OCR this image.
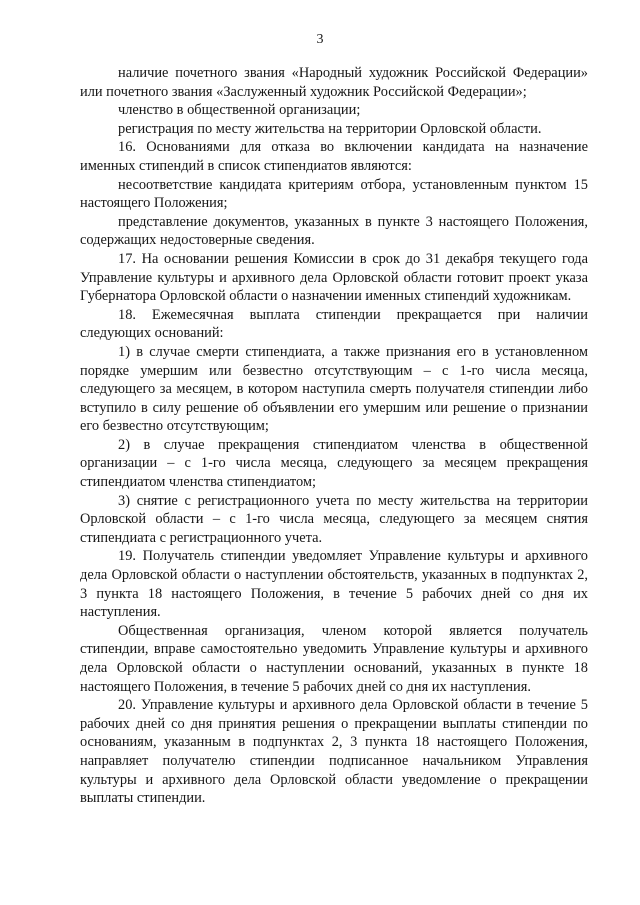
3

наличие почетного звания «Народный художник Российской Федерации» или почетного звания «Заслуженный художник Российской Федерации»;

членство в общественной организации;

регистрация по месту жительства на территории Орловской области.

16. Основаниями для отказа во включении кандидата на назначение именных стипендий в список стипендиатов являются:

несоответствие кандидата критериям отбора, установленным пунктом 15 настоящего Положения;

представление документов, указанных в пункте 3 настоящего Положения, содержащих недостоверные сведения.

17. На основании решения Комиссии в срок до 31 декабря текущего года Управление культуры и архивного дела Орловской области готовит проект указа Губернатора Орловской области о назначении именных стипендий художникам.

18. Ежемесячная выплата стипендии прекращается при наличии следующих оснований:

1) в случае смерти стипендиата, а также признания его в установленном порядке умершим или безвестно отсутствующим – с 1-го числа месяца, следующего за месяцем, в котором наступила смерть получателя стипендии либо вступило в силу решение об объявлении его умершим или решение о признании его безвестно отсутствующим;

2) в случае прекращения стипендиатом членства в общественной организации – с 1-го числа месяца, следующего за месяцем прекращения стипендиатом членства стипендиатом;

3) снятие с регистрационного учета по месту жительства на территории Орловской области – с 1-го числа месяца, следующего за месяцем снятия стипендиата с регистрационного учета.

19. Получатель стипендии уведомляет Управление культуры и архивного дела Орловской области о наступлении обстоятельств, указанных в подпунктах 2, 3 пункта 18 настоящего Положения, в течение 5 рабочих дней со дня их наступления.

Общественная организация, членом которой является получатель стипендии, вправе самостоятельно уведомить Управление культуры и архивного дела Орловской области о наступлении оснований, указанных в пункте 18 настоящего Положения, в течение 5 рабочих дней со дня их наступления.

20. Управление культуры и архивного дела Орловской области в течение 5 рабочих дней со дня принятия решения о прекращении выплаты стипендии по основаниям, указанным в подпунктах 2, 3 пункта 18 настоящего Положения, направляет получателю стипендии подписанное начальником Управления культуры и архивного дела Орловской области уведомление о прекращении выплаты стипендии.
